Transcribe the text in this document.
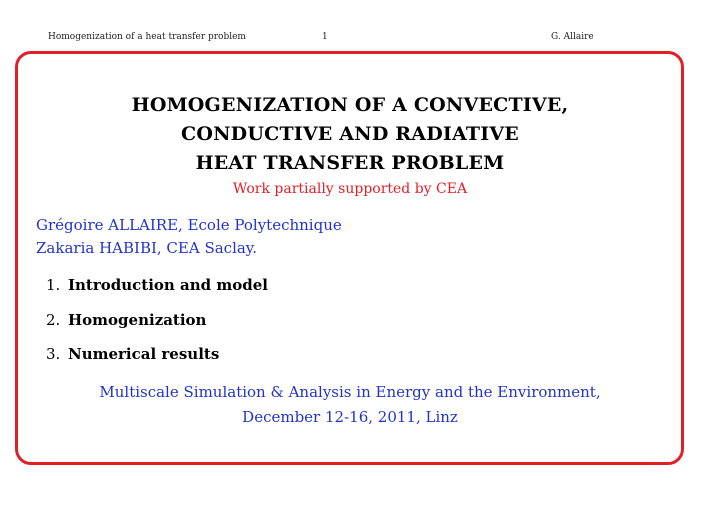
Homogenization of a heat transfer problem	1	G. Allaire
HOMOGENIZATION OF A CONVECTIVE,
CONDUCTIVE AND RADIATIVE
HEAT TRANSFER PROBLEM
Work partially supported by CEA
Grégoire ALLAIRE, Ecole Polytechnique
Zakaria HABIBI, CEA Saclay.
1. Introduction and model
2. Homogenization
3. Numerical results
Multiscale Simulation & Analysis in Energy and the Environment,
December 12-16, 2011, Linz
